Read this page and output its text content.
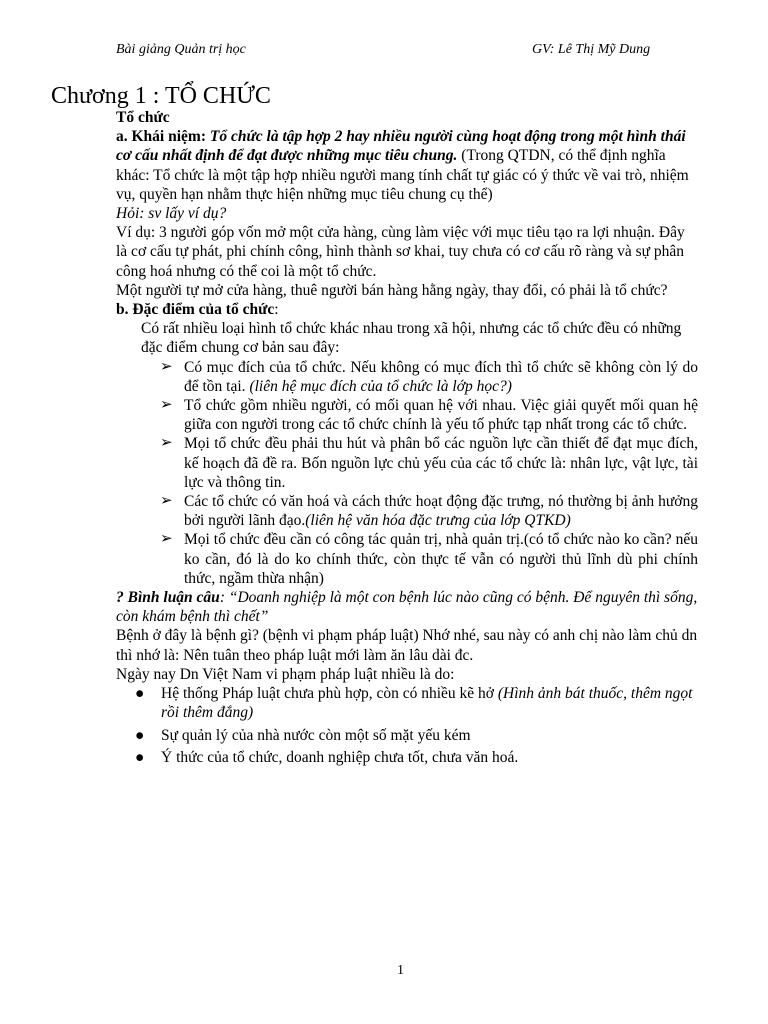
Bài giảng Quản trị học	GV: Lê Thị Mỹ Dung
Chương 1 : TỔ CHỨC

Tổ chức

a. Khái niệm: Tổ chức là tập hợp 2 hay nhiều người cùng hoạt động trong một hình thái cơ cấu nhất định để đạt được những mục tiêu chung. (Trong QTDN, có thể định nghĩa khác: Tổ chức là một tập hợp nhiều người mang tính chất tự giác có ý thức về vai trò, nhiệm vụ, quyền hạn nhằm thực hiện những mục tiêu chung cụ thể)

Hỏi: sv lấy ví dụ?

Ví dụ: 3 người góp vốn mở một cửa hàng, cùng làm việc với mục tiêu tạo ra lợi nhuận. Đây là cơ cấu tự phát, phi chính công, hình thành sơ khai, tuy chưa có cơ cấu rõ ràng và sự phân công hoá nhưng có thể coi là một tổ chức.

Một người tự mở cửa hàng, thuê người bán hàng hằng ngày, thay đổi, có phải là tổ chức?

b. Đặc điểm của tổ chức:

Có rất nhiều loại hình tổ chức khác nhau trong xã hội, nhưng các tổ chức đều có những đặc điểm chung cơ bản sau đây:

➢ Có mục đích của tổ chức. Nếu không có mục đích thì tổ chức sẽ không còn lý do để tồn tại. (liên hệ mục đích của tổ chức là lớp học?)
➢ Tổ chức gồm nhiều người, có mối quan hệ với nhau. Việc giải quyết mối quan hệ giữa con người trong các tổ chức chính là yếu tố phức tạp nhất trong các tổ chức.
➢ Mọi tổ chức đều phải thu hút và phân bổ các nguồn lực cần thiết để đạt mục đích, kế hoạch đã đề ra. Bốn nguồn lực chủ yếu của các tổ chức là: nhân lực, vật lực, tài lực và thông tin.
➢ Các tổ chức có văn hoá và cách thức hoạt động đặc trưng, nó thường bị ảnh hưởng bởi người lãnh đạo.(liên hệ văn hóa đặc trưng của lớp QTKD)
➢ Mọi tổ chức đều cần có công tác quản trị, nhà quản trị.(có tổ chức nào ko cần? nếu ko cần, đó là do ko chính thức, còn thực tế vẫn có người thủ lĩnh dù phi chính thức, ngầm thừa nhận)

? Bình luận câu: “Doanh nghiệp là một con bệnh lúc nào cũng có bệnh. Để nguyên thì sống, còn khám bệnh thì chết”

Bệnh ở đây là bệnh gì? (bệnh vi phạm pháp luật) Nhớ nhé, sau này có anh chị nào làm chủ dn thì nhớ là: Nên tuân theo pháp luật mới làm ăn lâu dài đc.

Ngày nay Dn Việt Nam vi phạm pháp luật nhiều là do:

● Hệ thống Pháp luật chưa phù hợp, còn có nhiều kẽ hở (Hình ảnh bát thuốc, thêm ngọt rồi thêm đắng)
● Sự quản lý của nhà nước còn một số mặt yếu kém
● Ý thức của tổ chức, doanh nghiệp chưa tốt, chưa văn hoá.
1
